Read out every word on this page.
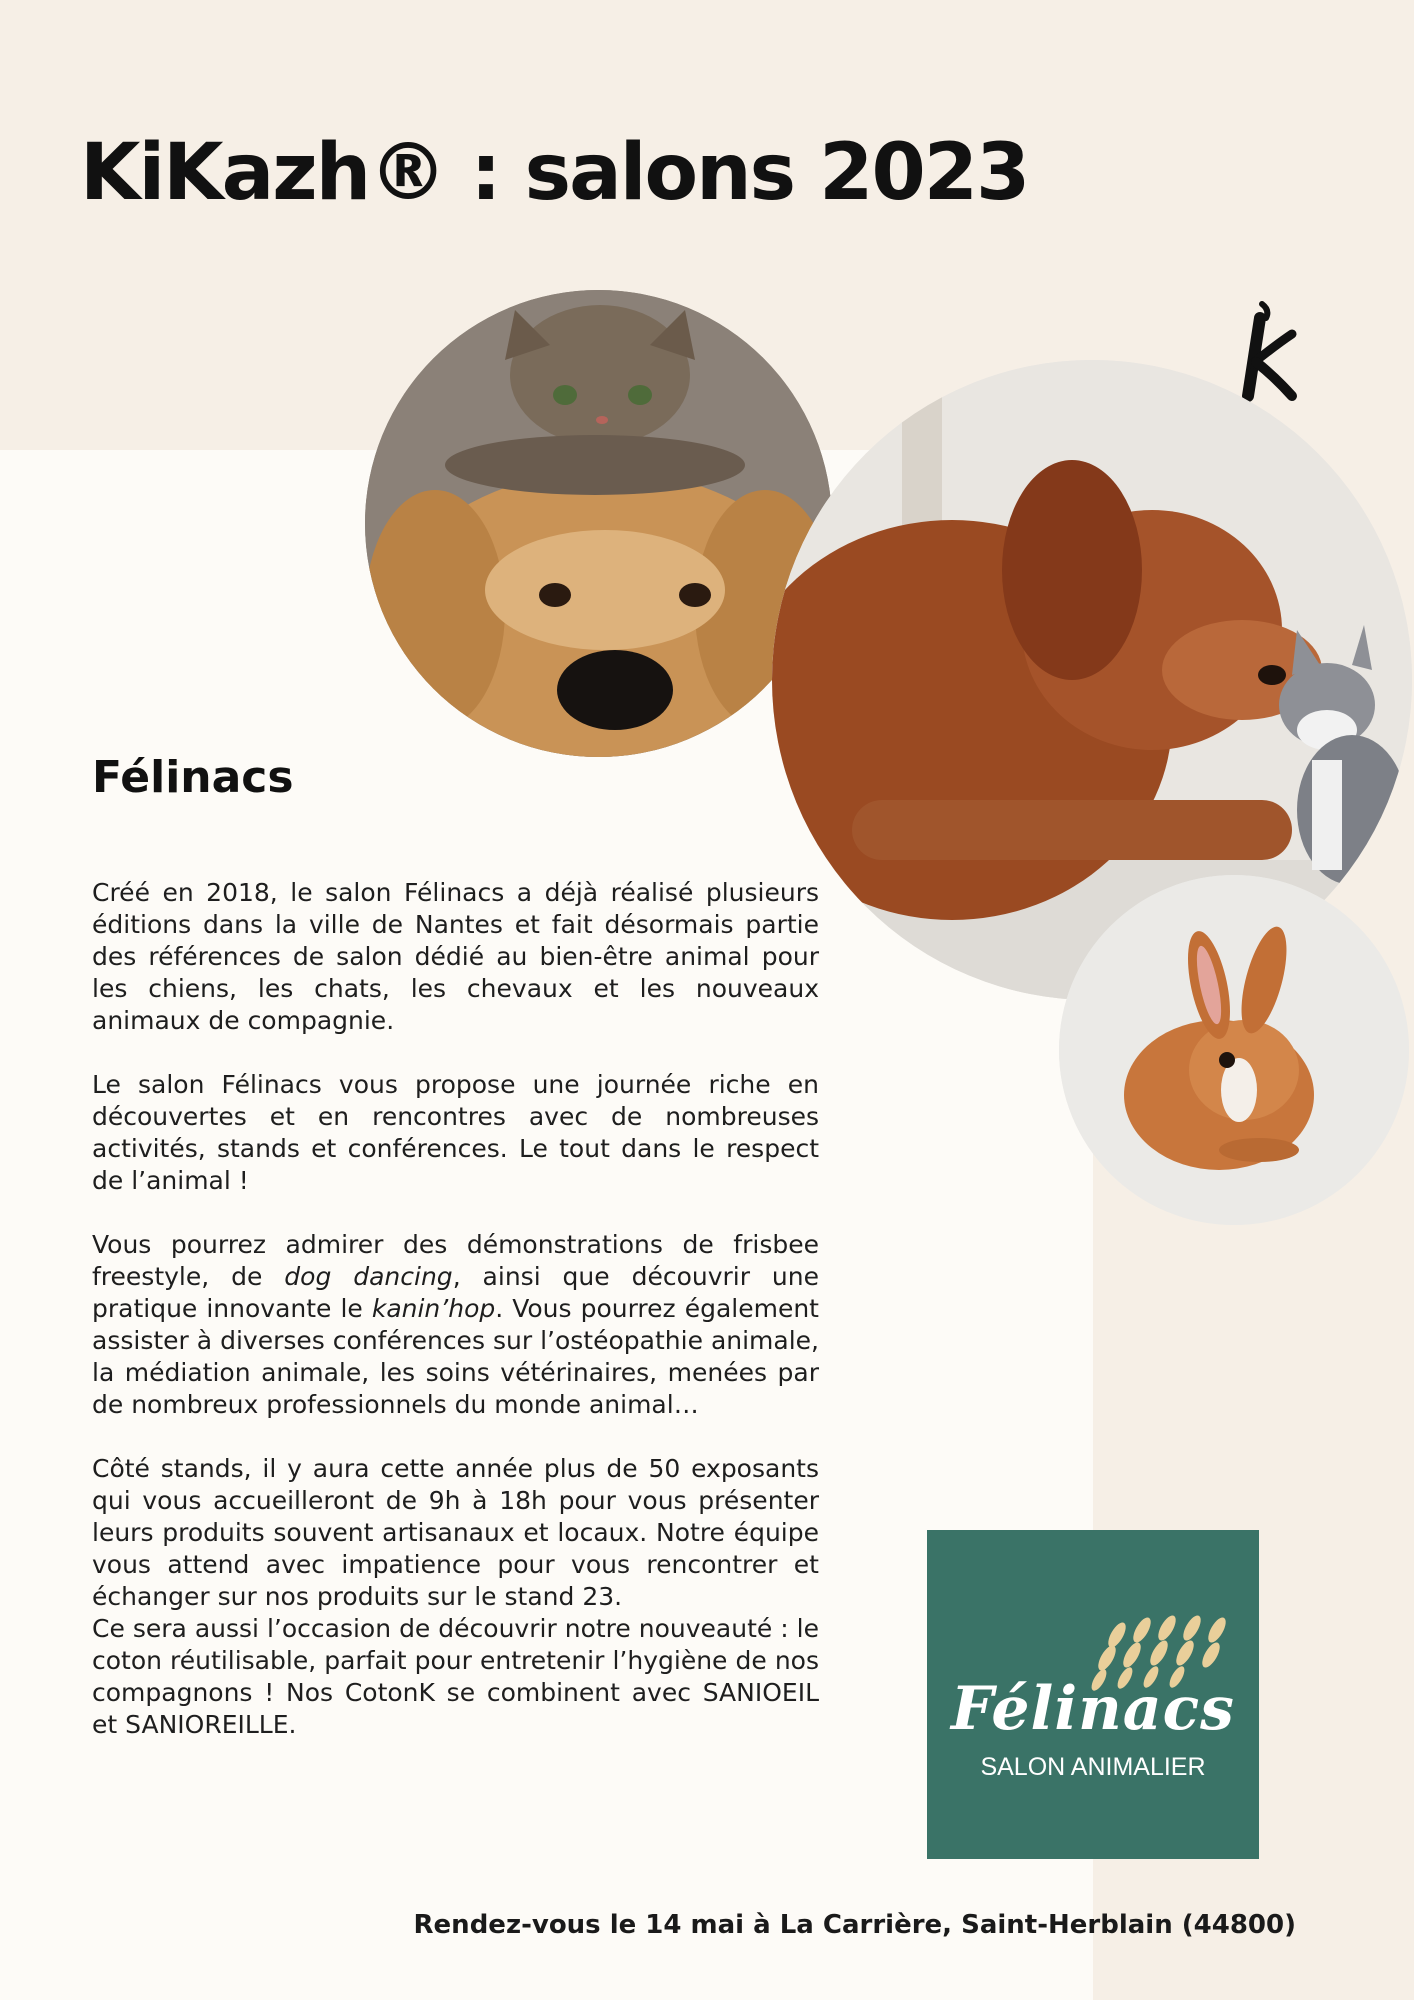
KiKazh® : salons 2023
Félinacs

Créé en 2018, le salon Félinacs a déjà réalisé plusieurs éditions dans la ville de Nantes et fait désormais partie des références de salon dédié au bien-être animal pour les chiens, les chats, les chevaux et les nouveaux animaux de compagnie.

Le salon Félinacs vous propose une journée riche en découvertes et en rencontres avec de nombreuses activités, stands et conférences. Le tout dans le respect de l’animal !

Vous pourrez admirer des démonstrations de frisbee freestyle, de dog dancing, ainsi que découvrir une pratique innovante le kanin’hop. Vous pourrez également assister à diverses conférences sur l’ostéopathie animale, la médiation animale, les soins vétérinaires, menées par de nombreux professionnels du monde animal…

Côté stands, il y aura cette année plus de 50 exposants qui vous accueilleront de 9h à 18h pour vous présenter leurs produits souvent artisanaux et locaux. Notre équipe vous attend avec impatience pour vous rencontrer et échanger sur nos produits sur le stand 23.

Ce sera aussi l’occasion de découvrir notre nouveauté : le coton réutilisable, parfait pour entretenir l’hygiène de nos compagnons ! Nos CotonK se combinent avec SANIOEIL et SANIOREILLE.	Félinacs
SALON ANIMALIER
Rendez-vous le 14 mai à La Carrière, Saint-Herblain (44800)
